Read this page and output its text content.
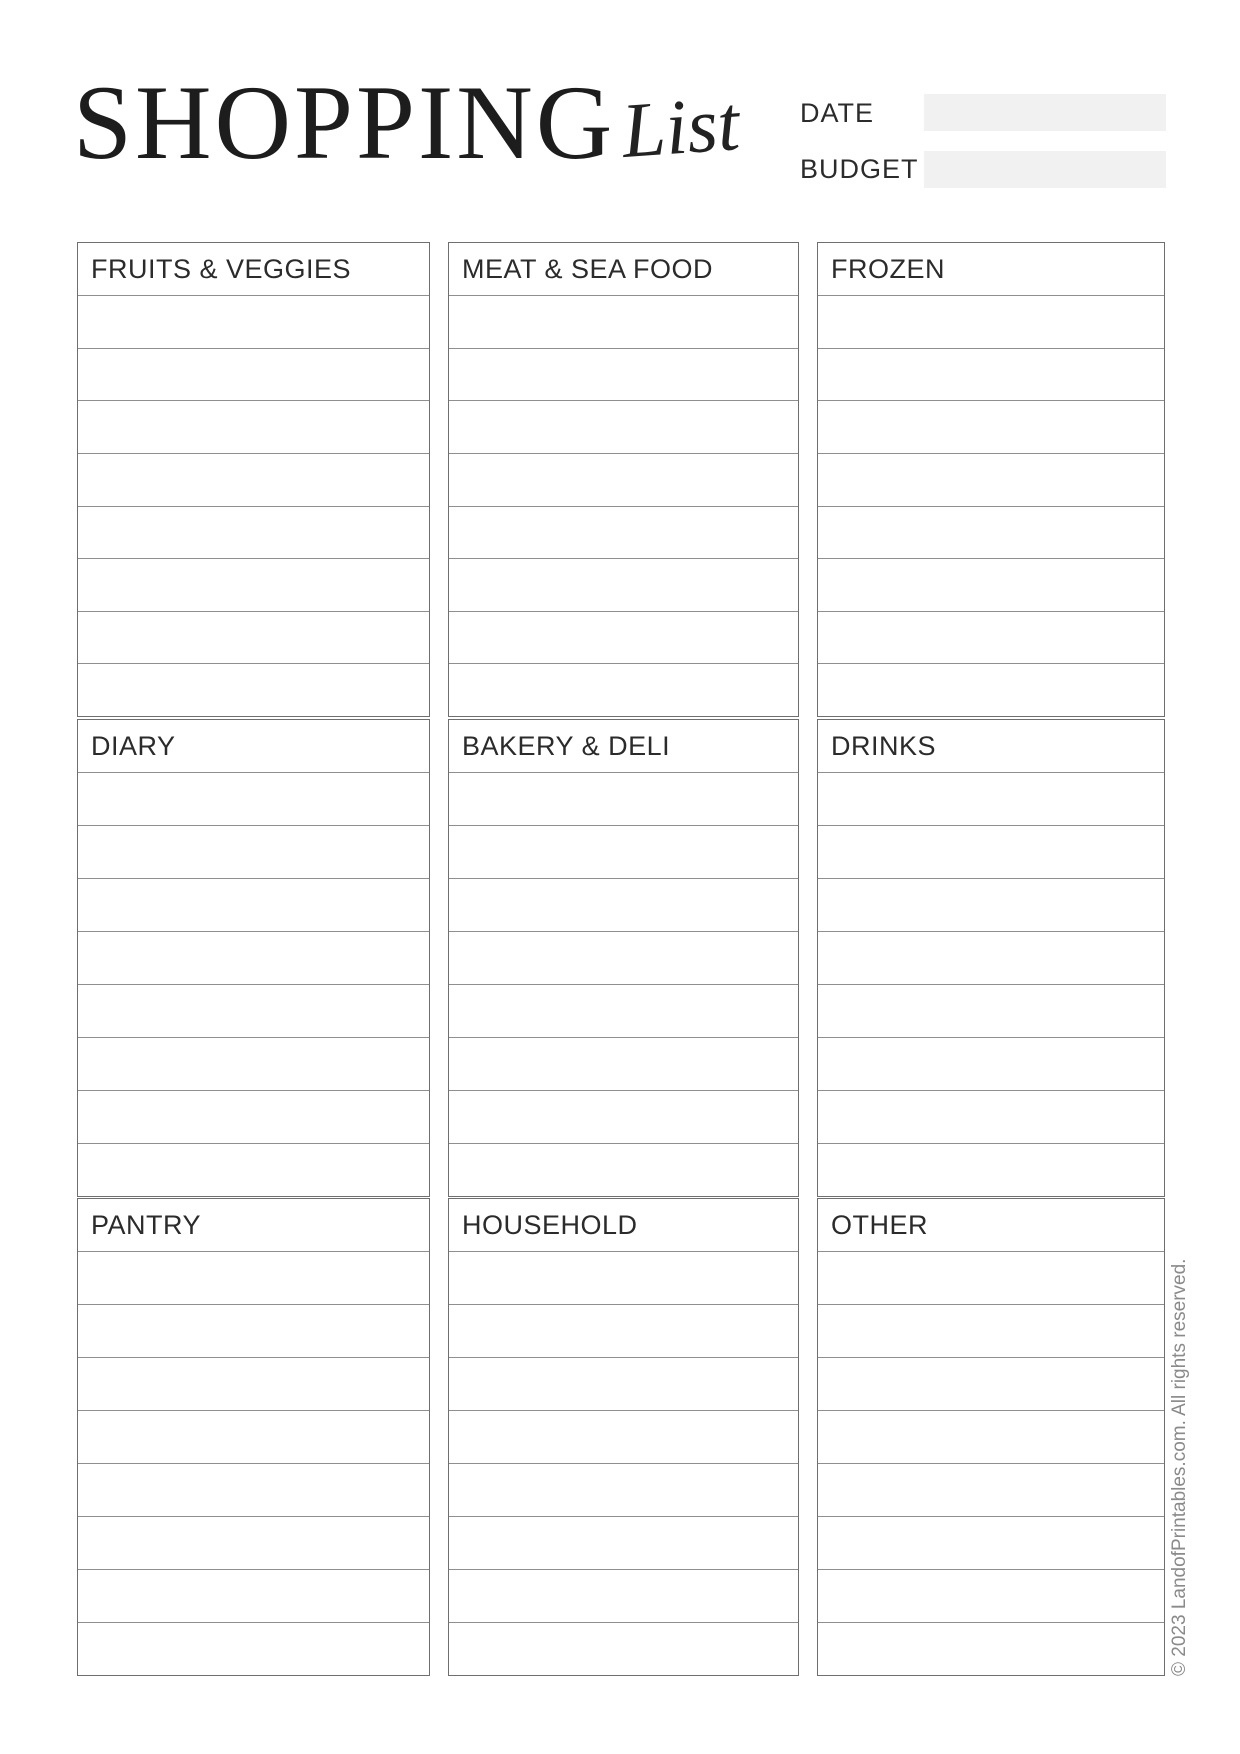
SHOPPING List DATE
BUDGET
FRUITS & VEGGIES	MEAT & SEA FOOD	FROZEN
DIARY	BAKERY & DELI	DRINKS
PANTRY	HOUSEHOLD	OTHER
© 2023 LandofPrintables.com. All rights reserved.
